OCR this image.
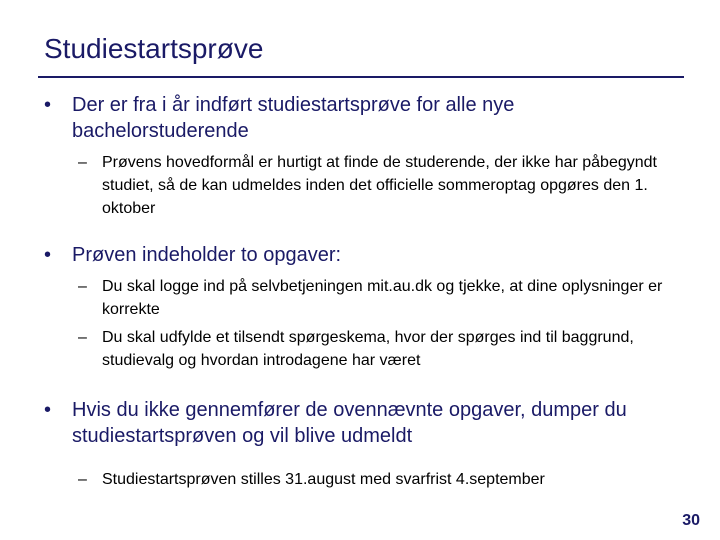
Studiestartsprøve
• Der er fra i år indført studiestartsprøve for alle nye bachelorstuderende
– Prøvens hovedformål er hurtigt at finde de studerende, der ikke har påbegyndt studiet, så de kan udmeldes inden det officielle sommeroptag opgøres den 1. oktober
• Prøven indeholder to opgaver:
– Du skal logge ind på selvbetjeningen mit.au.dk og tjekke, at dine oplysninger er korrekte
– Du skal udfylde et tilsendt spørgeskema, hvor der spørges ind til baggrund, studievalg og hvordan introdagene har været
• Hvis du ikke gennemfører de ovennævnte opgaver, dumper du studiestartsprøven og vil blive udmeldt
– Studiestartsprøven stilles 31.august med svarfrist 4.september
30
